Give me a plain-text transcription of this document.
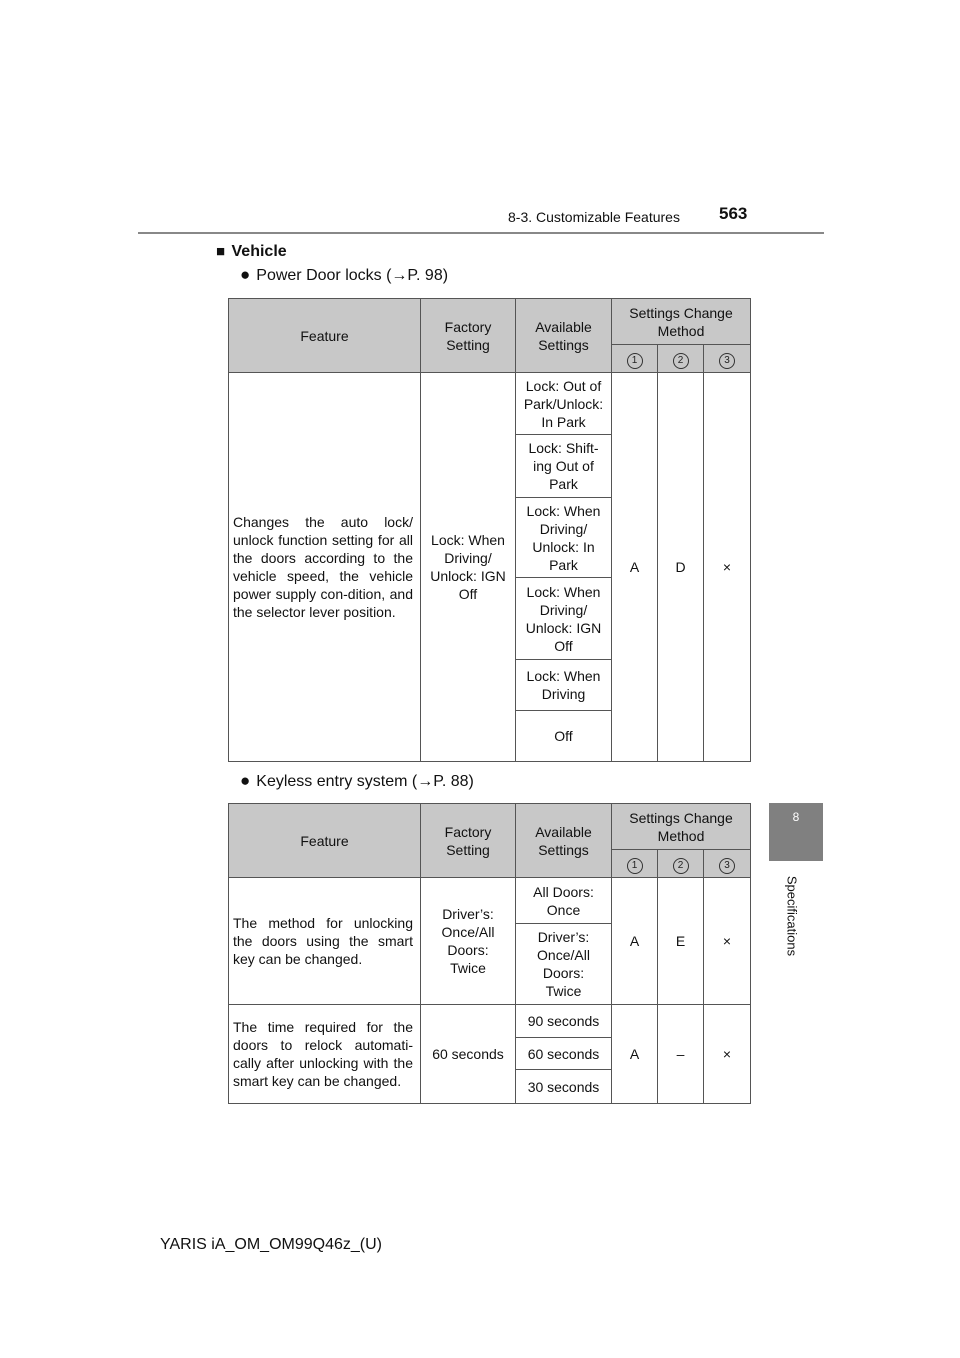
8-3. Customizable Features 563
8
Specifications
■ Vehicle
● Power Door locks (→P. 98)
Feature	Factory Setting	Available Settings	Settings Change Method		
			1	2	3
Changes the auto lock/ unlock function setting for all the doors according to the vehicle speed, the vehicle power supply con-dition, and the selector lever position.	Lock: When Driving/ Unlock: IGN Off	Lock: Out of Park/Unlock: In Park	A	D	×
		Lock: Shift-ing Out of Park			
		Lock: When Driving/ Unlock: In Park			
		Lock: When Driving/ Unlock: IGN Off			
		Lock: When Driving			
		Off			
● Keyless entry system (→P. 88)
Feature	Factory Setting	Available Settings	Settings Change Method		
			1	2	3
The method for unlocking the doors using the smart key can be changed.	Driver’s: Once/All Doors: Twice	All Doors: Once	A	E	×
		Driver’s: Once/All Doors: Twice			
The time required for the doors to relock automati-cally after unlocking with the smart key can be changed.	60 seconds	90 seconds	A	–	×
		60 seconds			
		30 seconds			
YARIS iA_OM_OM99Q46z_(U)
